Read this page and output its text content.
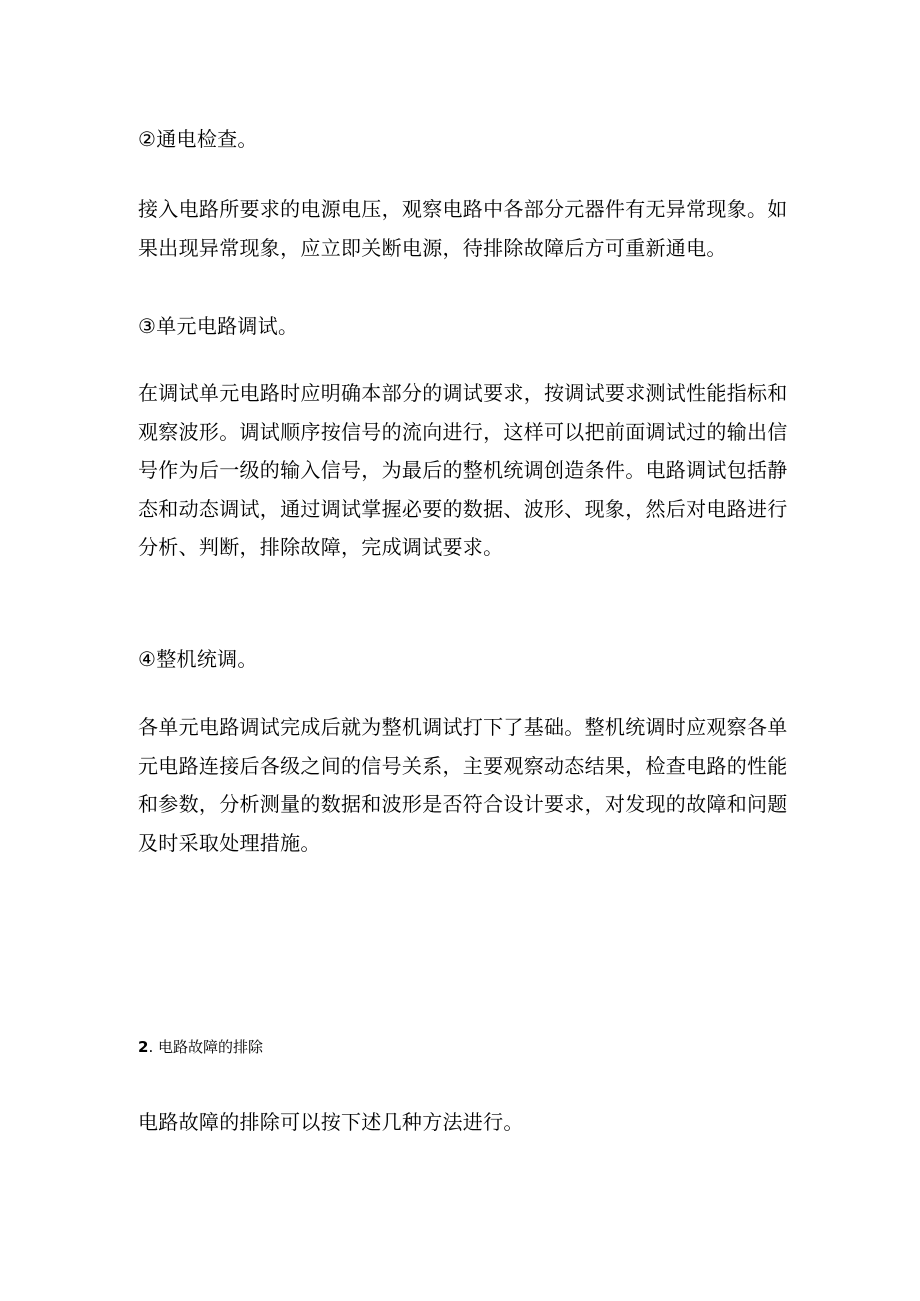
②通电检查。
接入电路所要求的电源电压，观察电路中各部分元器件有无异常现象。如
果出现异常现象，应立即关断电源，待排除故障后方可重新通电。
③单元电路调试。
在调试单元电路时应明确本部分的调试要求，按调试要求测试性能指标和
观察波形。调试顺序按信号的流向进行，这样可以把前面调试过的输出信
号作为后一级的输入信号，为最后的整机统调创造条件。电路调试包括静
态和动态调试，通过调试掌握必要的数据、波形、现象，然后对电路进行
分析、判断，排除故障，完成调试要求。
④整机统调。
各单元电路调试完成后就为整机调试打下了基础。整机统调时应观察各单
元电路连接后各级之间的信号关系，主要观察动态结果，检查电路的性能
和参数，分析测量的数据和波形是否符合设计要求，对发现的故障和问题
及时采取处理措施。
2. 电路故障的排除
电路故障的排除可以按下述几种方法进行。
